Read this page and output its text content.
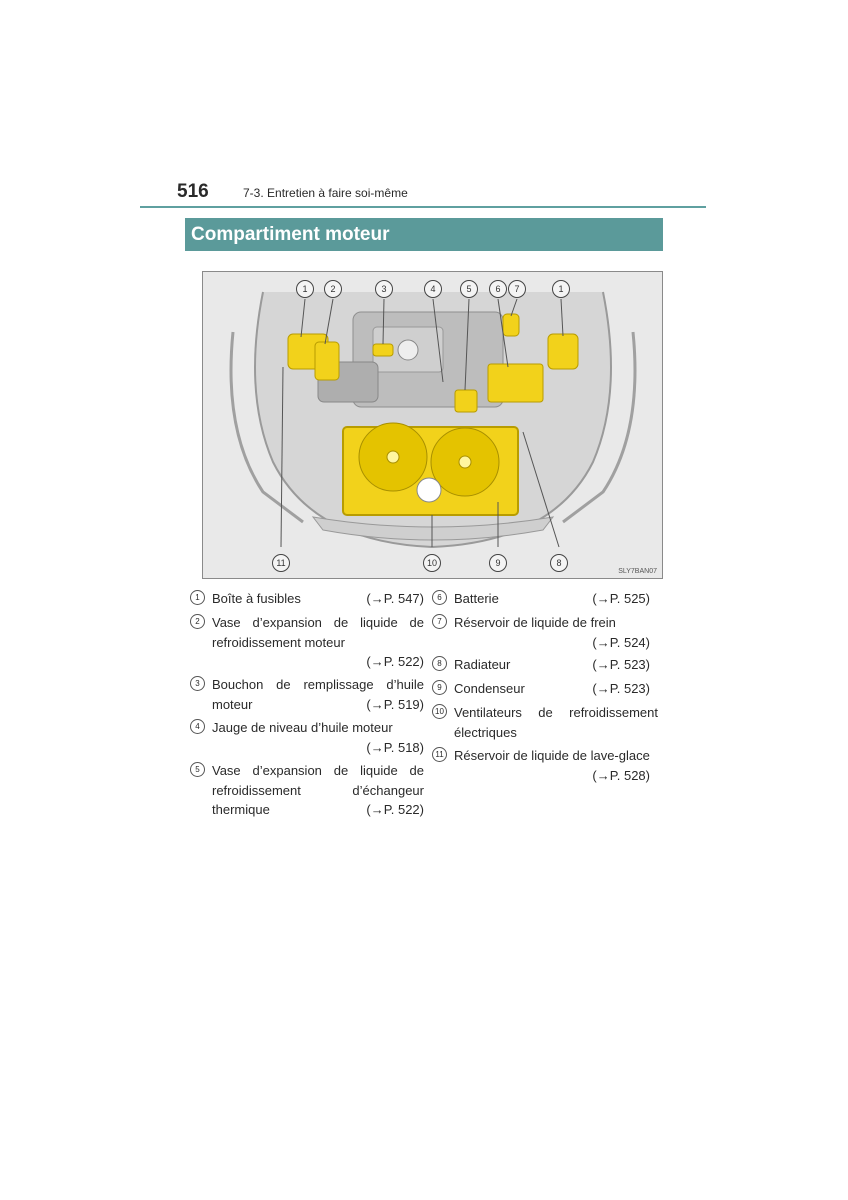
516	7-3. Entretien à faire soi-même
Compartiment moteur
1	2	3	4	5	6	7	1
11	10	9	8
SLY7BAN07
1 Boîte à fusibles	(→P. 547)
2 Vase d’expansion de liquide de
refroidissement moteur
(→P. 522)
3 Bouchon de remplissage d’huile
moteur	(→P. 519)
4 Jauge de niveau d’huile moteur
(→P. 518)
5 Vase d’expansion de liquide de
refroidissement d’échangeur
thermique	(→P. 522)
6 Batterie	(→P. 525)
7 Réservoir de liquide de frein
(→P. 524)
8 Radiateur	(→P. 523)
9 Condenseur	(→P. 523)
10 Ventilateurs de refroidissement
électriques
11 Réservoir de liquide de lave-glace
(→P. 528)
